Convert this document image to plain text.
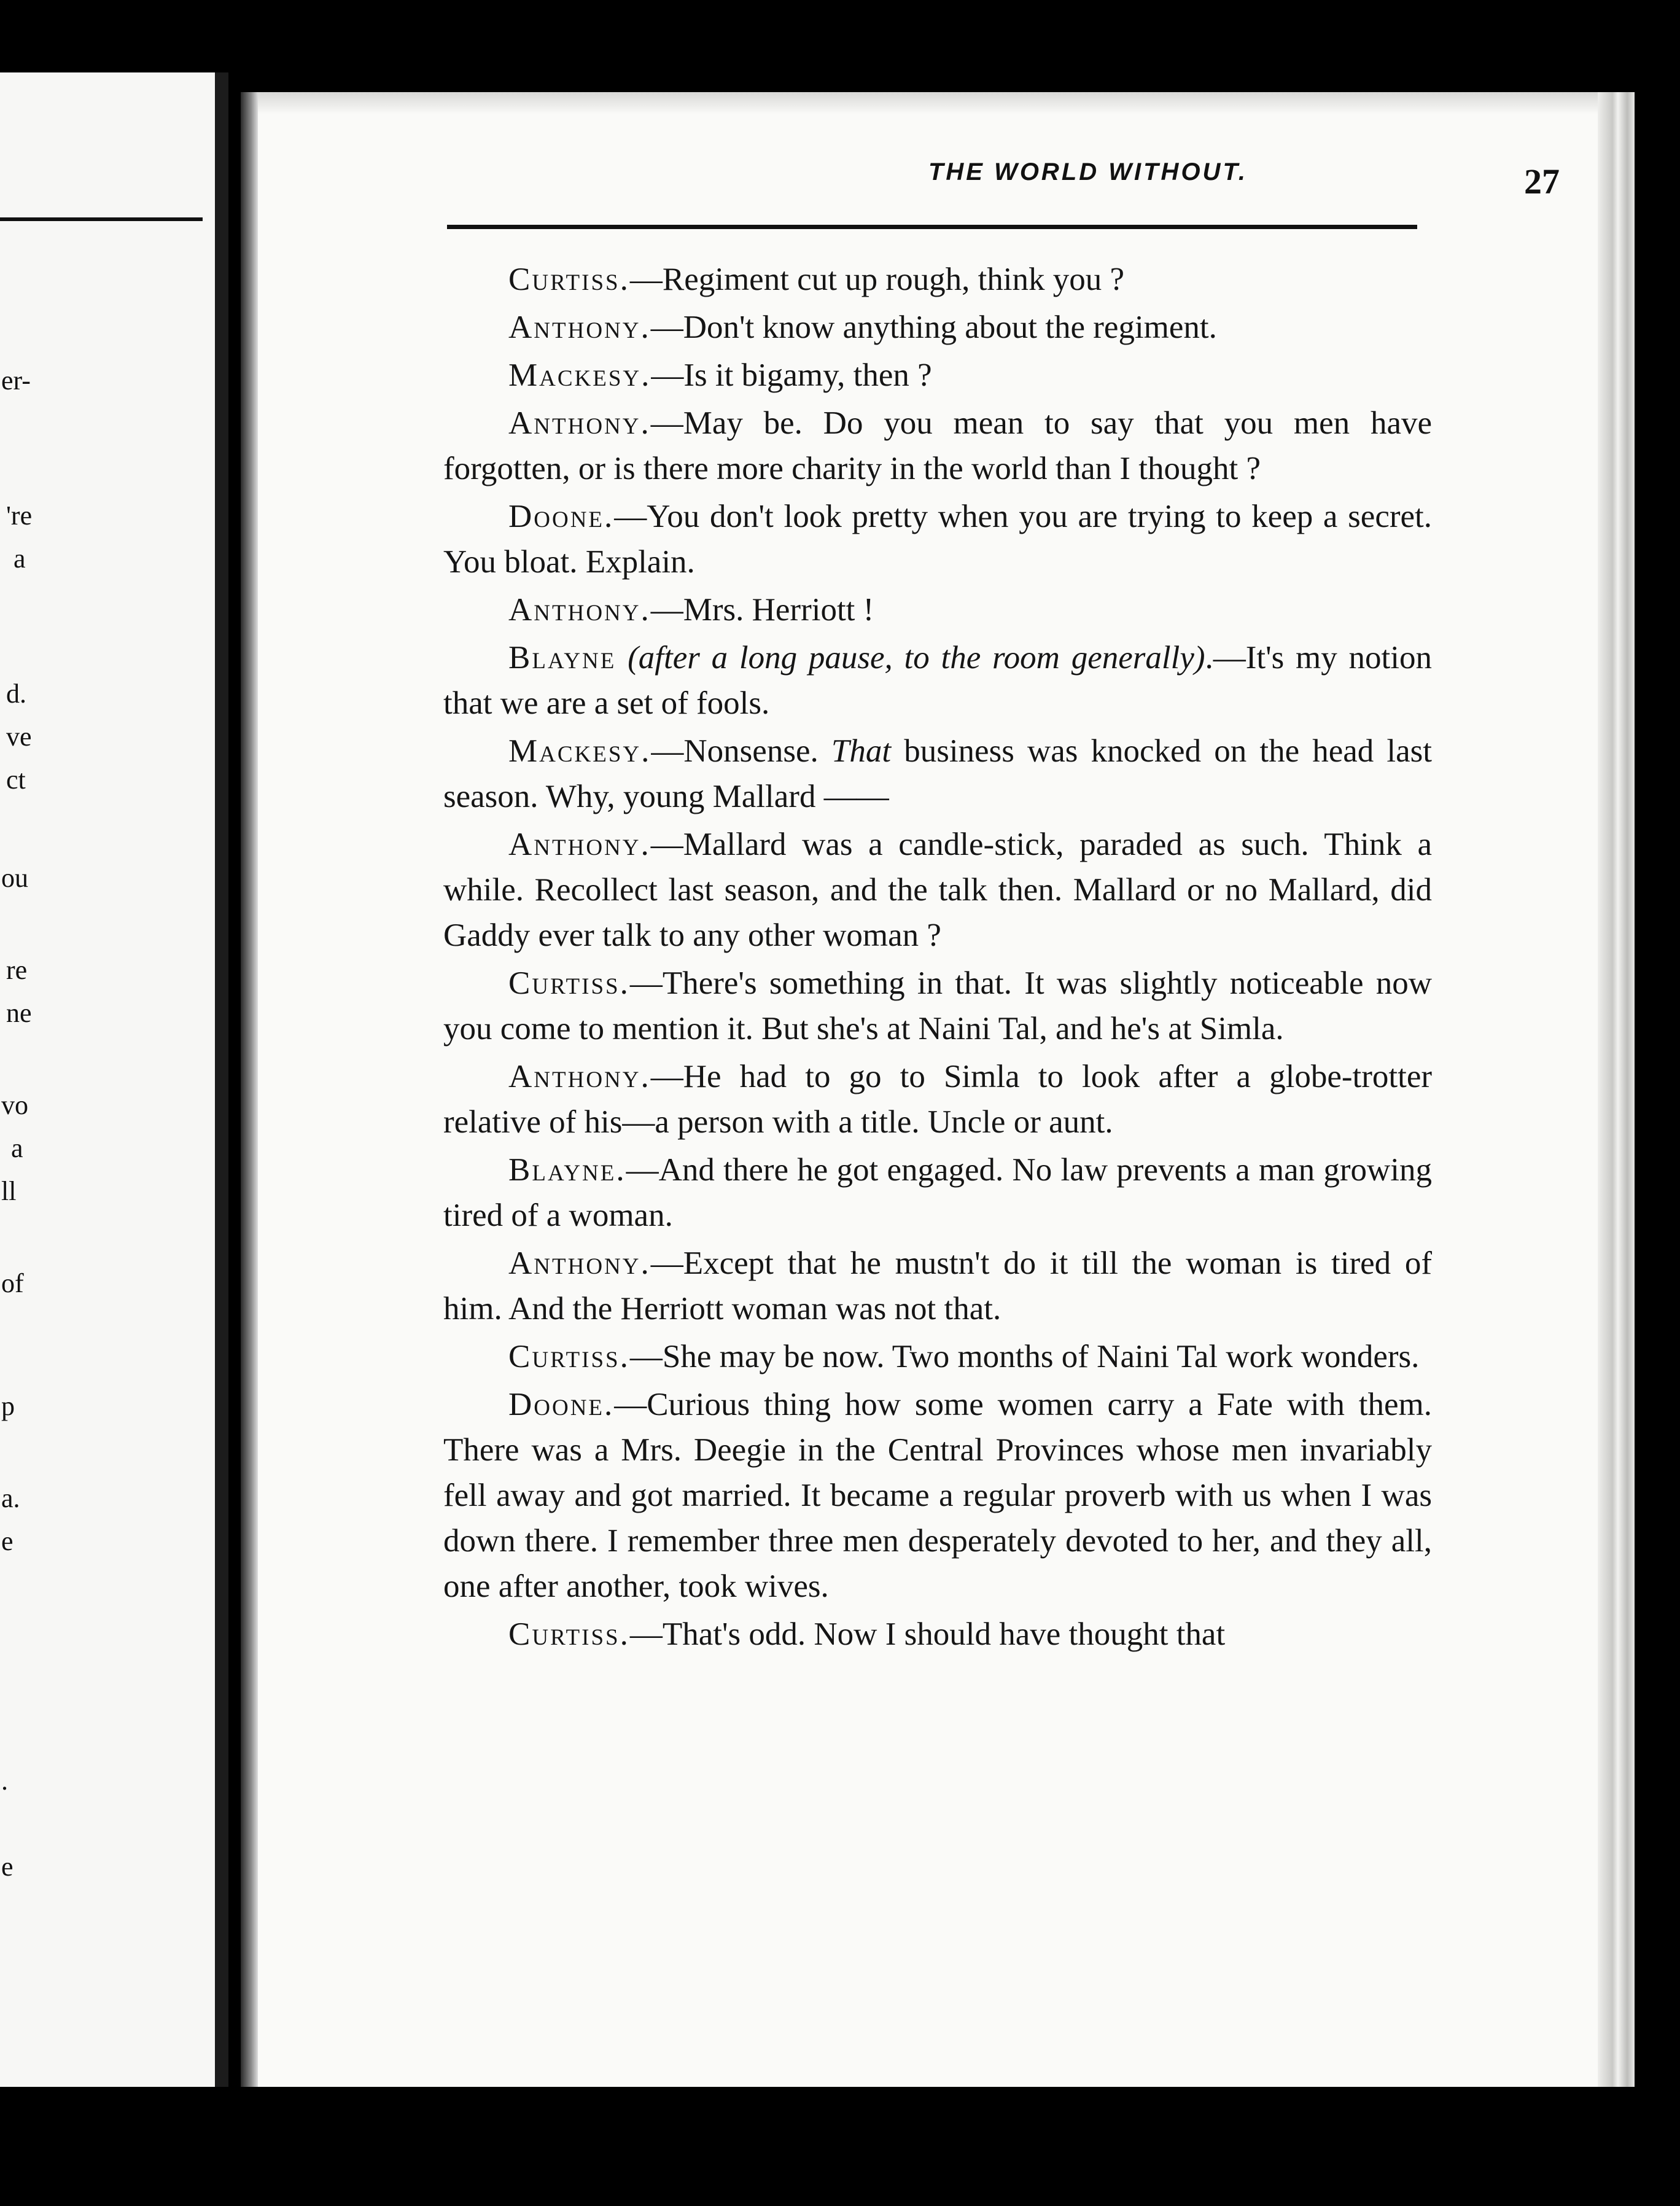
er-
're
a
d.
ve
ct
ou
re
ne
vo
a
ll
of
p
a.
e
.
e
THE WORLD WITHOUT.	27

Curtiss.—Regiment cut up rough, think you ?

Anthony.—Don't know anything about the regiment.

Mackesy.—Is it bigamy, then ?

Anthony.—May be. Do you mean to say that you men have forgotten, or is there more charity in the world than I thought ?

Doone.—You don't look pretty when you are trying to keep a secret. You bloat. Explain.

Anthony.—Mrs. Herriott !

Blayne (after a long pause, to the room generally).—It's my notion that we are a set of fools.

Mackesy.—Nonsense. That business was knocked on the head last season. Why, young Mallard ——

Anthony.—Mallard was a candle-stick, paraded as such. Think a while. Recollect last season, and the talk then. Mallard or no Mallard, did Gaddy ever talk to any other woman ?

Curtiss.—There's something in that. It was slightly noticeable now you come to mention it. But she's at Naini Tal, and he's at Simla.

Anthony.—He had to go to Simla to look after a globe-trotter relative of his—a person with a title. Uncle or aunt.

Blayne.—And there he got engaged. No law prevents a man growing tired of a woman.

Anthony.—Except that he mustn't do it till the woman is tired of him. And the Herriott woman was not that.

Curtiss.—She may be now. Two months of Naini Tal work wonders.

Doone.—Curious thing how some women carry a Fate with them. There was a Mrs. Deegie in the Central Provinces whose men invariably fell away and got married. It became a regular proverb with us when I was down there. I remember three men desperately devoted to her, and they all, one after another, took wives.

Curtiss.—That's odd. Now I should have thought that
